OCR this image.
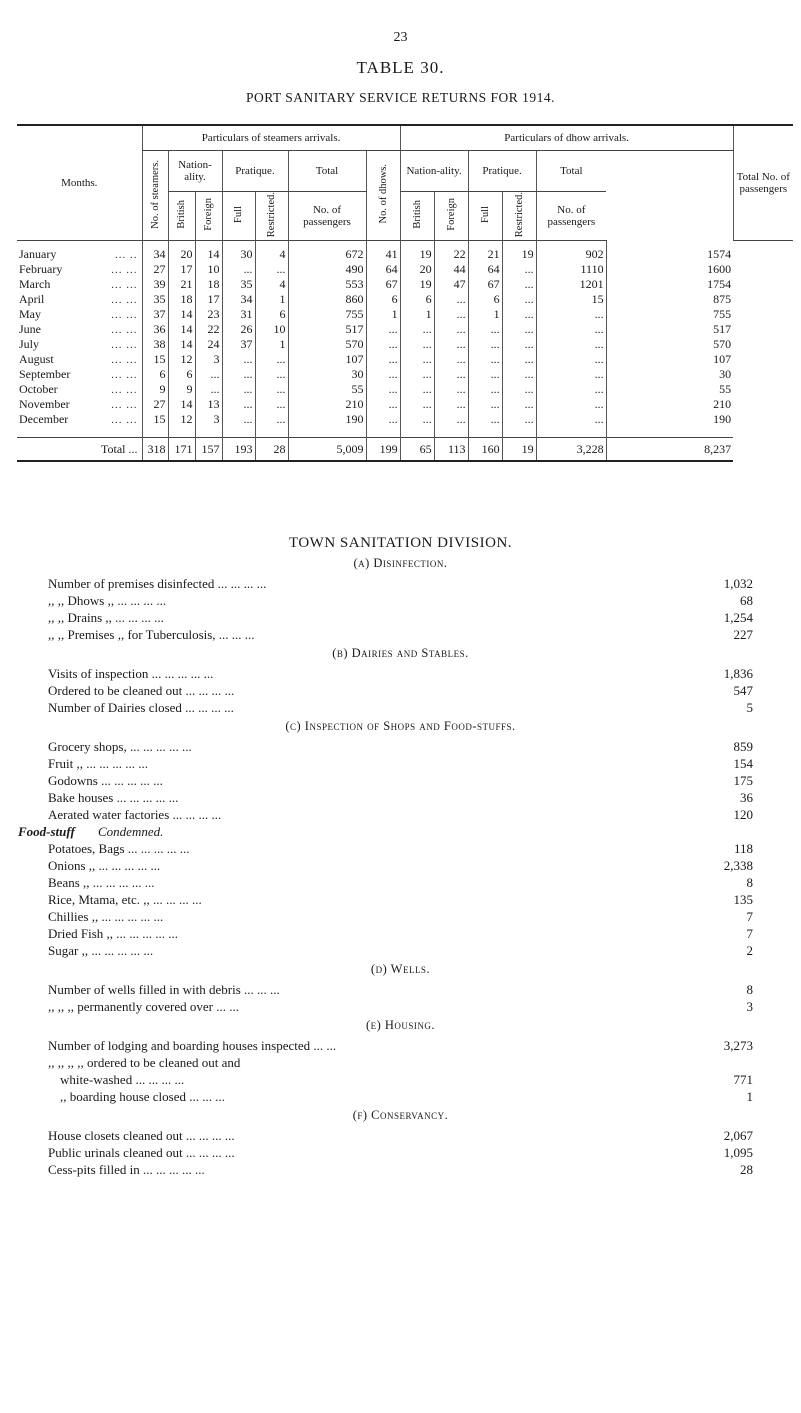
23
TABLE 30.
PORT SANITARY SERVICE RETURNS FOR 1914.
Months.		Particulars of steamers arrivals.							Particulars of dhow arrivals.						Total No. of passengers
		No. of steamers.	Nation-ality.		Pratique.		Total	No. of dhows.	Nation-ality.		Pratique.		Total		
			British	Foreign	Full	Restricted.	No. of passengers		British	Foreign	Full	Restricted.	No. of passengers		
January	... ..	34	20	14	30	4	672	41	19	22	21	19	902	1574	
February	... ...	27	17	10	...	...	490	64	20	44	64	...	1110	1600	
March	... ...	39	21	18	35	4	553	67	19	47	67	...	1201	1754	
April	... ...	35	18	17	34	1	860	6	6	...	6	...	15	875	
May	... ...	37	14	23	31	6	755	1	1	...	1	...	...	755	
June	... ...	36	14	22	26	10	517	...	...	...	...	...	...	517	
July	... ...	38	14	24	37	1	570	...	...	...	...	...	...	570	
August	... ...	15	12	3	...	...	107	...	...	...	...	...	...	107	
September	... ...	6	6	...	...	...	30	...	...	...	...	...	...	30	
October	... ...	9	9	...	...	...	55	...	...	...	...	...	...	55	
November	... ...	27	14	13	...	...	210	...	...	...	...	...	...	210	
December	... ...	15	12	3	...	...	190	...	...	...	...	...	...	190	

Total ...		318	171	157	193	28	5,009	199	65	113	160	19	3,228	8,237	
TOWN SANITATION DIVISION.
(a) Disinfection.
Number of premises disinfected ... ... ... ...	1,032
,, ,, Dhows ,, ... ... ... ...	68
,, ,, Drains ,, ... ... ... ...	1,254
,, ,, Premises ,, for Tuberculosis, ... ... ...	227
(b) Dairies and Stables.
Visits of inspection ... ... ... ... ...	1,836
Ordered to be cleaned out ... ... ... ...	547
Number of Dairies closed ... ... ... ...	5
(c) Inspection of Shops and Food-stuffs.
Grocery shops, ... ... ... ... ...	859
Fruit ,, ... ... ... ... ...	154
Godowns ... ... ... ... ...	175
Bake houses ... ... ... ... ...	36
Aerated water factories ... ... ... ...	120
Food-stuff Condemned.
Potatoes, Bags ... ... ... ... ...	118
Onions ,, ... ... ... ... ...	2,338
Beans ,, ... ... ... ... ...	8
Rice, Mtama, etc. ,, ... ... ... ...	135
Chillies ,, ... ... ... ... ...	7
Dried Fish ,, ... ... ... ... ...	7
Sugar ,, ... ... ... ... ...	2
(d) Wells.
Number of wells filled in with debris ... ... ...	8
,, ,, ,, permanently covered over ... ...	3
(e) Housing.
Number of lodging and boarding houses inspected ... ...	3,273
,, ,, ,, ,, ordered to be cleaned out and
white-washed ... ... ... ...	771
,, boarding house closed ... ... ...	1
(f) Conservancy.
House closets cleaned out ... ... ... ...	2,067
Public urinals cleaned out ... ... ... ...	1,095
Cess-pits filled in ... ... ... ... ...	28
